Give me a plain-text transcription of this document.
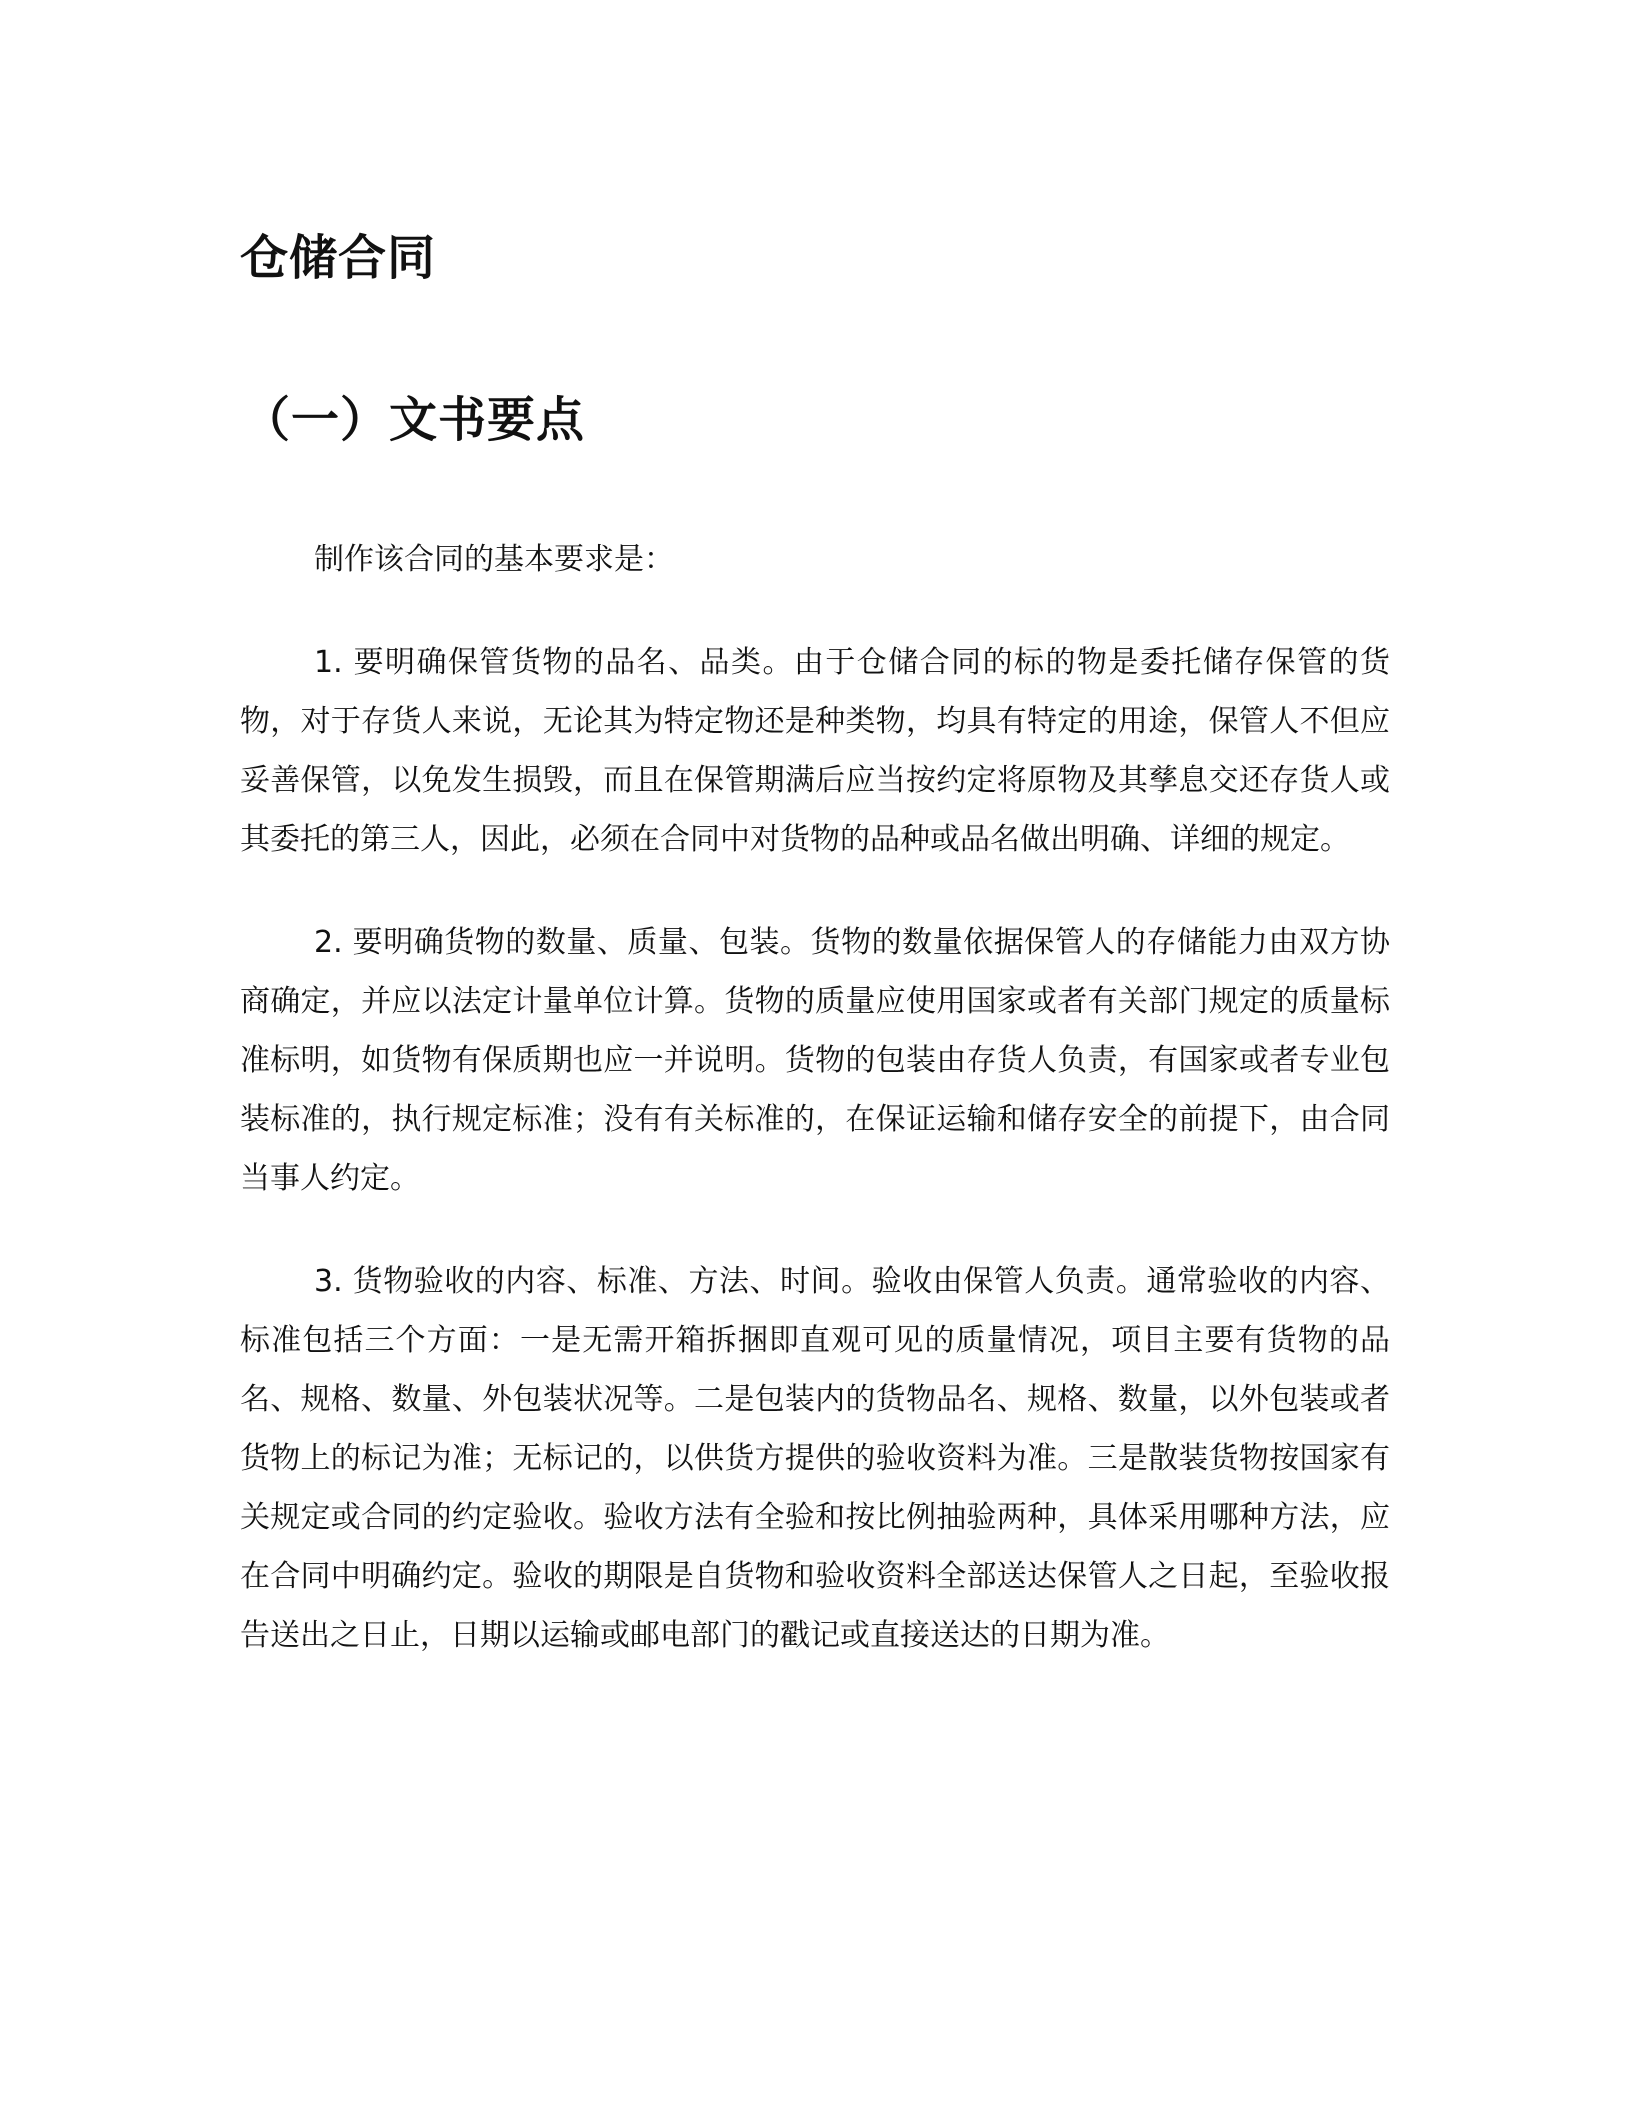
仓储合同
（一）文书要点

制作该合同的基本要求是：

1. 要明确保管货物的品名、品类。由于仓储合同的标的物是委托储存保管的货物，对于存货人来说，无论其为特定物还是种类物，均具有特定的用途，保管人不但应妥善保管，以免发生损毁，而且在保管期满后应当按约定将原物及其孳息交还存货人或其委托的第三人，因此，必须在合同中对货物的品种或品名做出明确、详细的规定。

2. 要明确货物的数量、质量、包装。货物的数量依据保管人的存储能力由双方协商确定，并应以法定计量单位计算。货物的质量应使用国家或者有关部门规定的质量标准标明，如货物有保质期也应一并说明。货物的包装由存货人负责，有国家或者专业包装标准的，执行规定标准；没有有关标准的，在保证运输和储存安全的前提下，由合同当事人约定。

3. 货物验收的内容、标准、方法、时间。验收由保管人负责。通常验收的内容、标准包括三个方面：一是无需开箱拆捆即直观可见的质量情况，项目主要有货物的品名、规格、数量、外包装状况等。二是包装内的货物品名、规格、数量，以外包装或者货物上的标记为准；无标记的，以供货方提供的验收资料为准。三是散装货物按国家有关规定或合同的约定验收。验收方法有全验和按比例抽验两种，具体采用哪种方法，应在合同中明确约定。验收的期限是自货物和验收资料全部送达保管人之日起，至验收报告送出之日止，日期以运输或邮电部门的戳记或直接送达的日期为准。
